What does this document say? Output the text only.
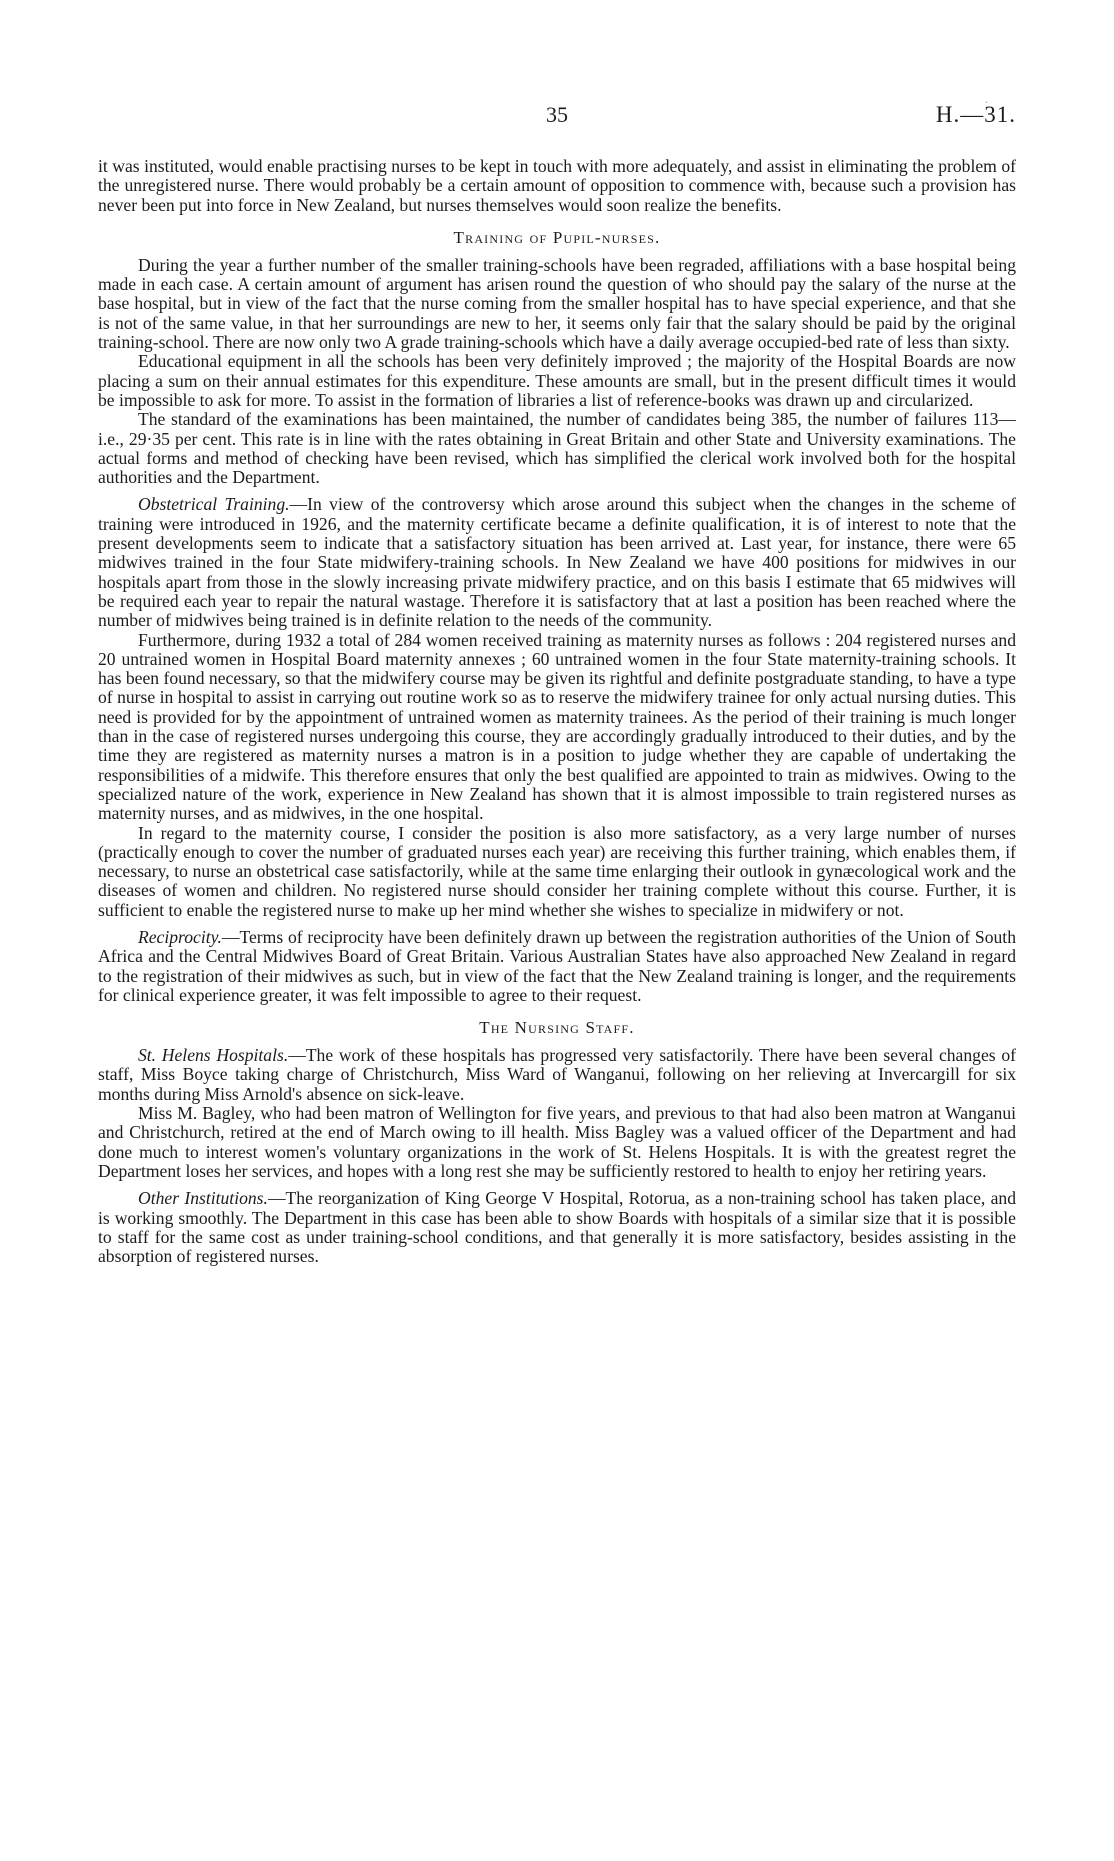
35	H.—31.
.

it was instituted, would enable practising nurses to be kept in touch with more adequately, and assist in eliminating the problem of the unregistered nurse. There would probably be a certain amount of opposition to commence with, because such a provision has never been put into force in New Zealand, but nurses themselves would soon realize the benefits.

Training of Pupil-nurses.

During the year a further number of the smaller training-schools have been regraded, affiliations with a base hospital being made in each case. A certain amount of argument has arisen round the question of who should pay the salary of the nurse at the base hospital, but in view of the fact that the nurse coming from the smaller hospital has to have special experience, and that she is not of the same value, in that her surroundings are new to her, it seems only fair that the salary should be paid by the original training-school. There are now only two A grade training-schools which have a daily average occupied-bed rate of less than sixty.

Educational equipment in all the schools has been very definitely improved ; the majority of the Hospital Boards are now placing a sum on their annual estimates for this expenditure. These amounts are small, but in the present difficult times it would be impossible to ask for more. To assist in the formation of libraries a list of reference-books was drawn up and circularized.

The standard of the examinations has been maintained, the number of candidates being 385, the number of failures 113—i.e., 29·35 per cent. This rate is in line with the rates obtaining in Great Britain and other State and University examinations. The actual forms and method of checking have been revised, which has simplified the clerical work involved both for the hospital authorities and the Department.

Obstetrical Training.—In view of the controversy which arose around this subject when the changes in the scheme of training were introduced in 1926, and the maternity certificate became a definite qualification, it is of interest to note that the present developments seem to indicate that a satisfactory situation has been arrived at. Last year, for instance, there were 65 midwives trained in the four State midwifery-training schools. In New Zealand we have 400 positions for midwives in our hospitals apart from those in the slowly increasing private midwifery practice, and on this basis I estimate that 65 midwives will be required each year to repair the natural wastage. Therefore it is satisfactory that at last a position has been reached where the number of midwives being trained is in definite relation to the needs of the community.

Furthermore, during 1932 a total of 284 women received training as maternity nurses as follows : 204 registered nurses and 20 untrained women in Hospital Board maternity annexes ; 60 untrained women in the four State maternity-training schools. It has been found necessary, so that the midwifery course may be given its rightful and definite postgraduate standing, to have a type of nurse in hospital to assist in carrying out routine work so as to reserve the midwifery trainee for only actual nursing duties. This need is provided for by the appointment of untrained women as maternity trainees. As the period of their training is much longer than in the case of registered nurses undergoing this course, they are accordingly gradually introduced to their duties, and by the time they are registered as maternity nurses a matron is in a position to judge whether they are capable of undertaking the responsibilities of a midwife. This therefore ensures that only the best qualified are appointed to train as midwives. Owing to the specialized nature of the work, experience in New Zealand has shown that it is almost impossible to train registered nurses as maternity nurses, and as midwives, in the one hospital.

In regard to the maternity course, I consider the position is also more satisfactory, as a very large number of nurses (practically enough to cover the number of graduated nurses each year) are receiving this further training, which enables them, if necessary, to nurse an obstetrical case satisfactorily, while at the same time enlarging their outlook in gynæcological work and the diseases of women and children. No registered nurse should consider her training complete without this course. Further, it is sufficient to enable the registered nurse to make up her mind whether she wishes to specialize in midwifery or not.

Reciprocity.—Terms of reciprocity have been definitely drawn up between the registration authorities of the Union of South Africa and the Central Midwives Board of Great Britain. Various Australian States have also approached New Zealand in regard to the registration of their midwives as such, but in view of the fact that the New Zealand training is longer, and the requirements for clinical experience greater, it was felt impossible to agree to their request.

The Nursing Staff.

St. Helens Hospitals.—The work of these hospitals has progressed very satisfactorily. There have been several changes of staff, Miss Boyce taking charge of Christchurch, Miss Ward of Wanganui, following on her relieving at Invercargill for six months during Miss Arnold's absence on sick-leave.

Miss M. Bagley, who had been matron of Wellington for five years, and previous to that had also been matron at Wanganui and Christchurch, retired at the end of March owing to ill health. Miss Bagley was a valued officer of the Department and had done much to interest women's voluntary organizations in the work of St. Helens Hospitals. It is with the greatest regret the Department loses her services, and hopes with a long rest she may be sufficiently restored to health to enjoy her retiring years.

Other Institutions.—The reorganization of King George V Hospital, Rotorua, as a non-training school has taken place, and is working smoothly. The Department in this case has been able to show Boards with hospitals of a similar size that it is possible to staff for the same cost as under training-school conditions, and that generally it is more satisfactory, besides assisting in the absorption of registered nurses.
